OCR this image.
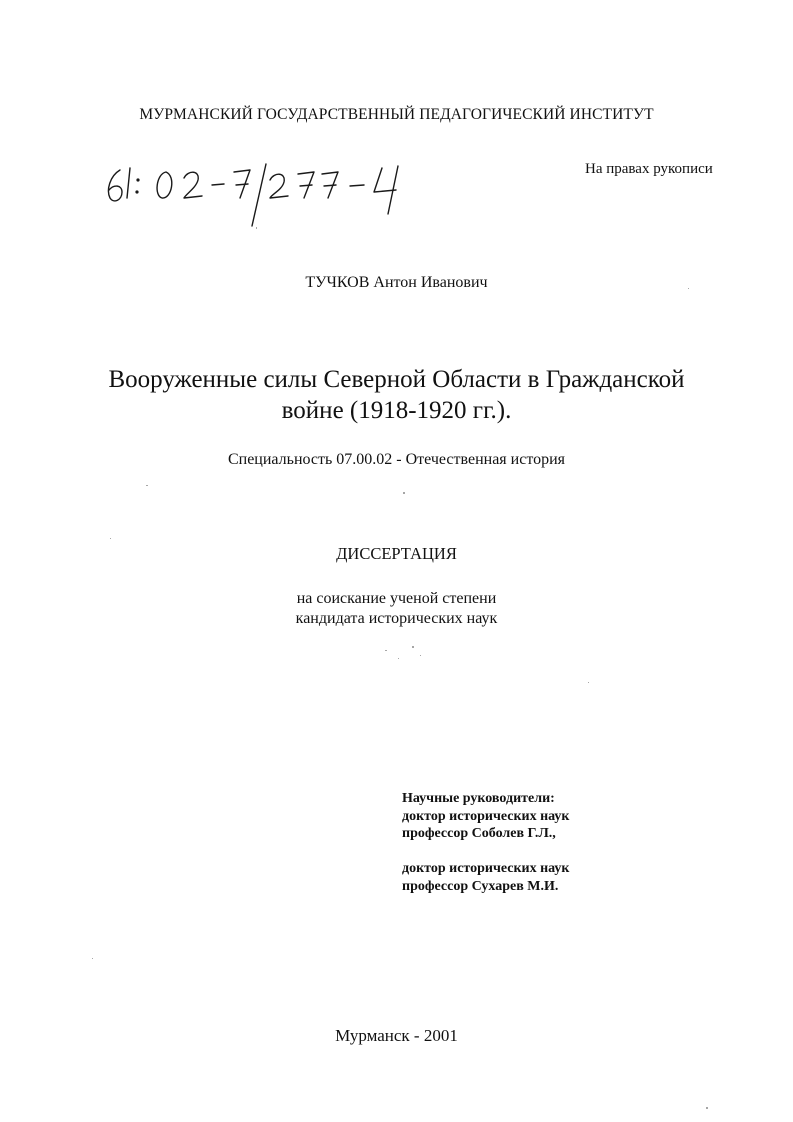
МУРМАНСКИЙ ГОСУДАРСТВЕННЫЙ ПЕДАГОГИЧЕСКИЙ ИНСТИТУТ
На правах рукописи
ТУЧКОВ Антон Иванович
Вооруженные силы Северной Области в Гражданской
войне (1918-1920 гг.).
Специальность 07.00.02 - Отечественная история
ДИССЕРТАЦИЯ
на соискание ученой степени
кандидата исторических наук
Научные руководители:
доктор исторических наук
профессор Соболев Г.Л.,
доктор исторических наук
профессор Сухарев М.И.
Мурманск - 2001
